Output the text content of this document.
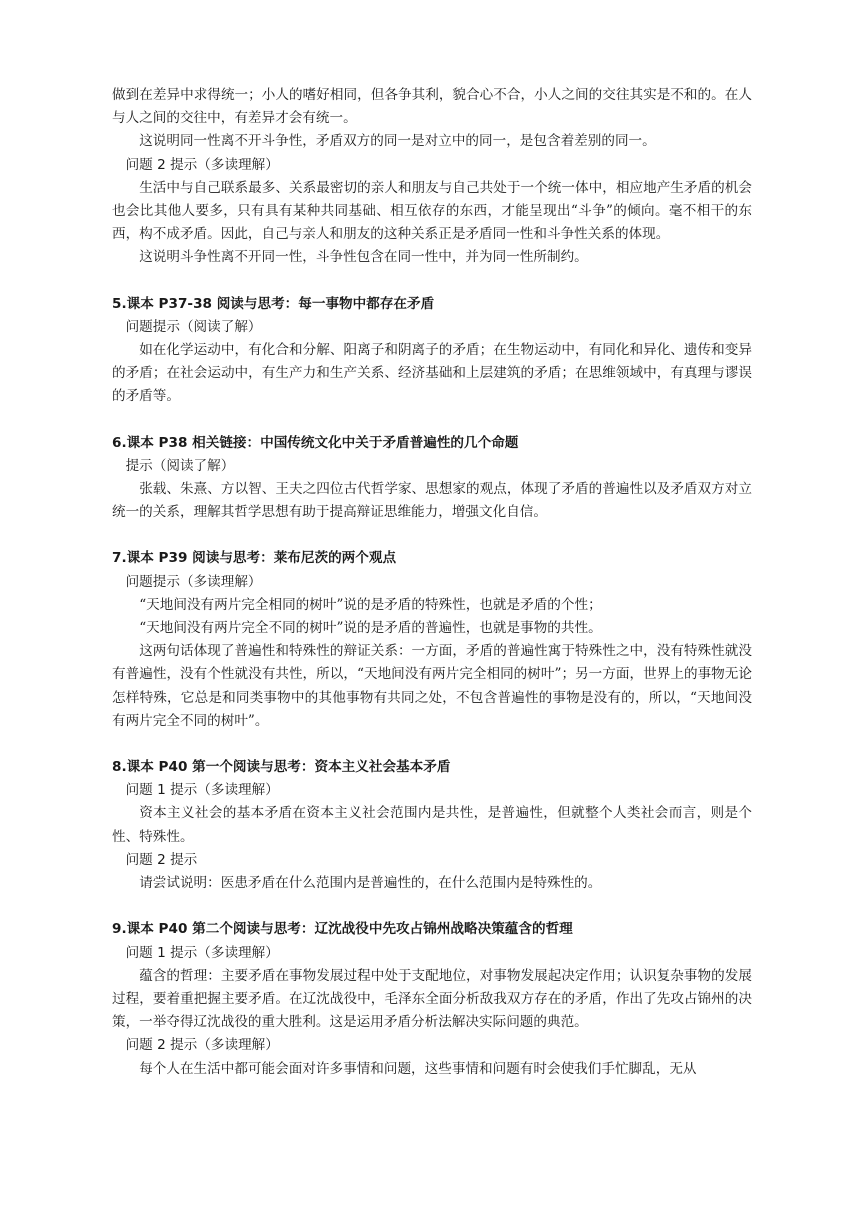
做到在差异中求得统一；小人的嗜好相同，但各争其利，貌合心不合，小人之间的交往其实是不和的。在人与人之间的交往中，有差异才会有统一。

这说明同一性离不开斗争性，矛盾双方的同一是对立中的同一，是包含着差别的同一。

问题 2 提示（多读理解）

生活中与自己联系最多、关系最密切的亲人和朋友与自己共处于一个统一体中，相应地产生矛盾的机会也会比其他人要多，只有具有某种共同基础、相互依存的东西，才能呈现出“斗争”的倾向。毫不相干的东西，构不成矛盾。因此，自己与亲人和朋友的这种关系正是矛盾同一性和斗争性关系的体现。

这说明斗争性离不开同一性，斗争性包含在同一性中，并为同一性所制约。

5.课本 P37-38 阅读与思考：每一事物中都存在矛盾

问题提示（阅读了解）

如在化学运动中，有化合和分解、阳离子和阴离子的矛盾；在生物运动中，有同化和异化、遗传和变异的矛盾；在社会运动中，有生产力和生产关系、经济基础和上层建筑的矛盾；在思维领域中，有真理与谬误的矛盾等。

6.课本 P38 相关链接：中国传统文化中关于矛盾普遍性的几个命题

提示（阅读了解）

张载、朱熹、方以智、王夫之四位古代哲学家、思想家的观点，体现了矛盾的普遍性以及矛盾双方对立统一的关系，理解其哲学思想有助于提高辩证思维能力，增强文化自信。

7.课本 P39 阅读与思考：莱布尼茨的两个观点

问题提示（多读理解）

“天地间没有两片完全相同的树叶”说的是矛盾的特殊性，也就是矛盾的个性；

“天地间没有两片完全不同的树叶”说的是矛盾的普遍性，也就是事物的共性。

这两句话体现了普遍性和特殊性的辩证关系：一方面，矛盾的普遍性寓于特殊性之中，没有特殊性就没有普遍性，没有个性就没有共性，所以，“天地间没有两片完全相同的树叶”；另一方面，世界上的事物无论怎样特殊，它总是和同类事物中的其他事物有共同之处，不包含普遍性的事物是没有的，所以，“天地间没有两片完全不同的树叶”。

8.课本 P40 第一个阅读与思考：资本主义社会基本矛盾

问题 1 提示（多读理解）

资本主义社会的基本矛盾在资本主义社会范围内是共性，是普遍性，但就整个人类社会而言，则是个性、特殊性。

问题 2 提示

请尝试说明：医患矛盾在什么范围内是普遍性的，在什么范围内是特殊性的。

9.课本 P40 第二个阅读与思考：辽沈战役中先攻占锦州战略决策蕴含的哲理

问题 1 提示（多读理解）

蕴含的哲理：主要矛盾在事物发展过程中处于支配地位，对事物发展起决定作用；认识复杂事物的发展过程，要着重把握主要矛盾。在辽沈战役中，毛泽东全面分析敌我双方存在的矛盾，作出了先攻占锦州的决策，一举夺得辽沈战役的重大胜利。这是运用矛盾分析法解决实际问题的典范。

问题 2 提示（多读理解）

每个人在生活中都可能会面对许多事情和问题，这些事情和问题有时会使我们手忙脚乱，无从
